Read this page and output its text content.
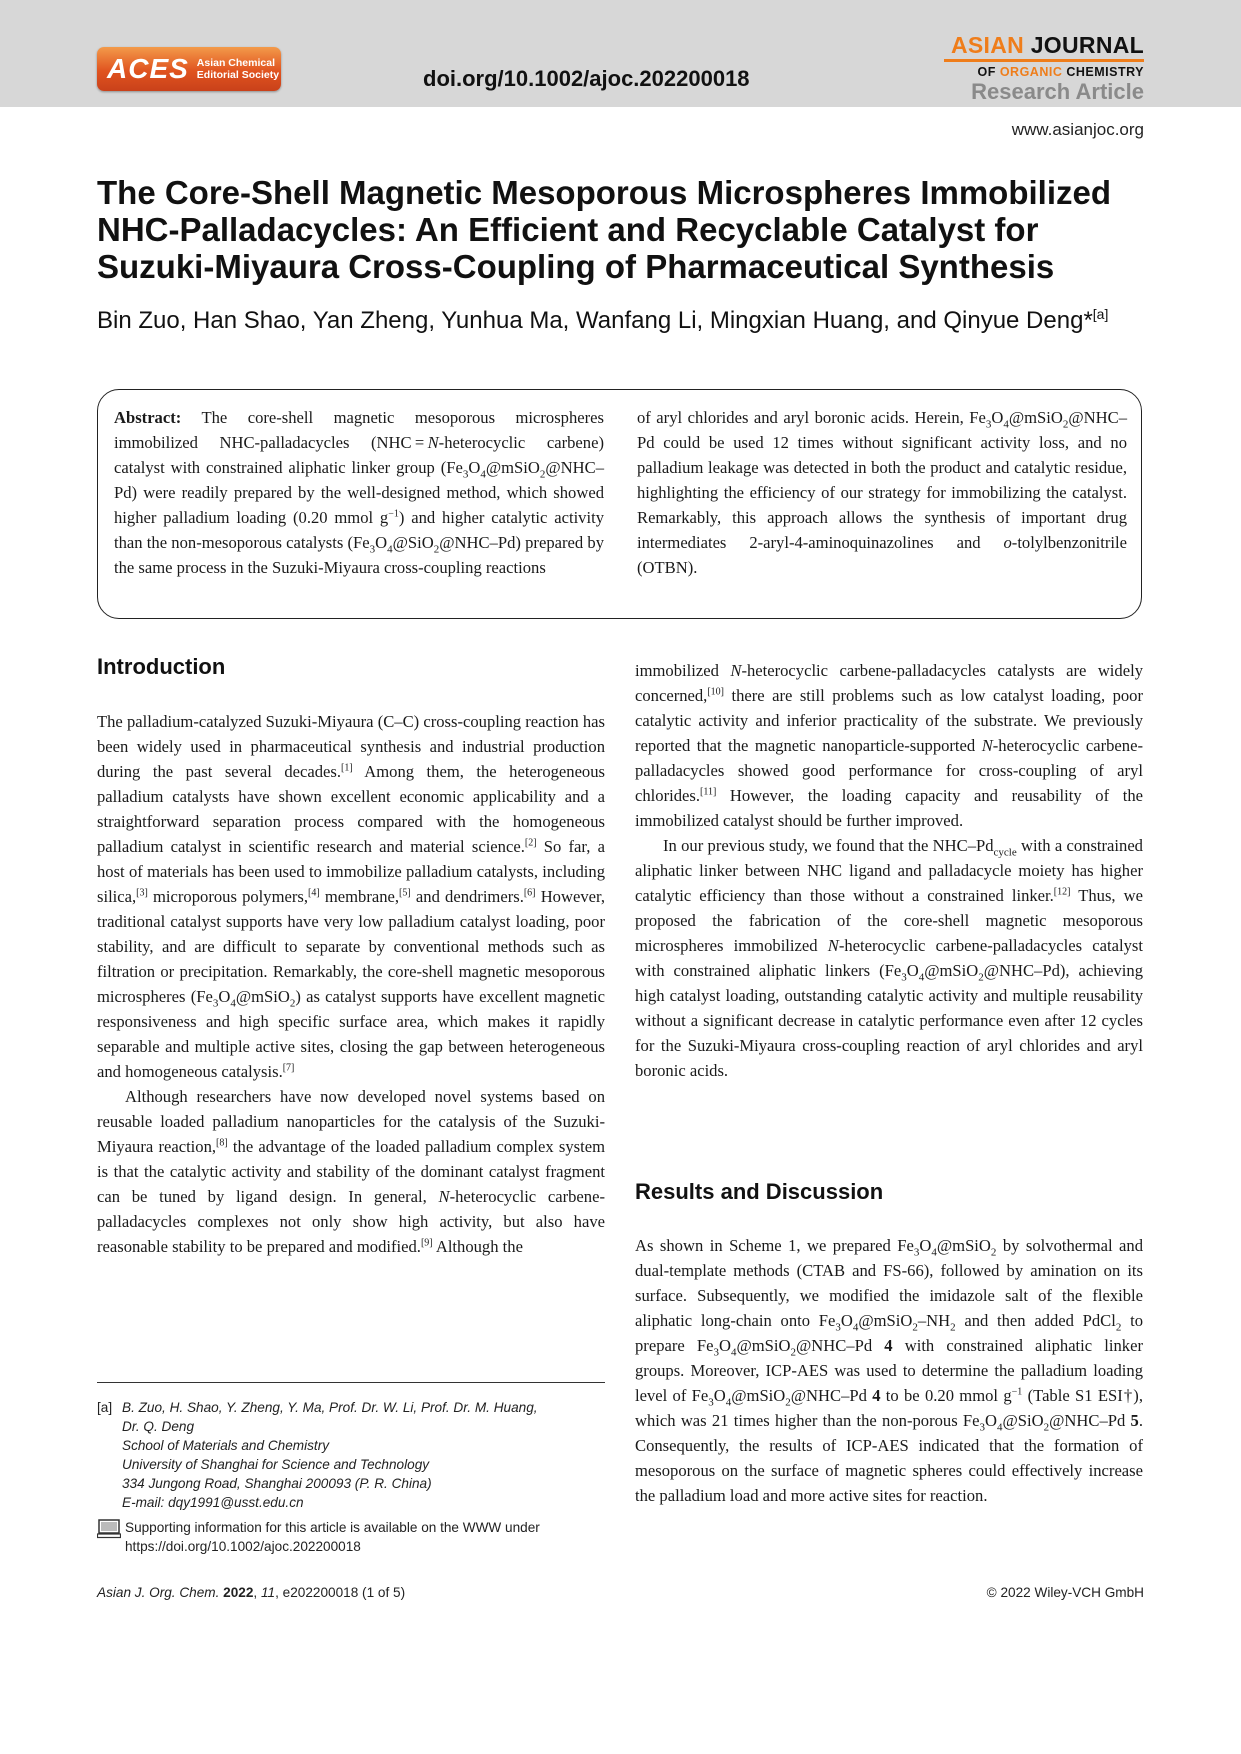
ACES Asian Chemical
Editorial Society	doi.org/10.1002/ajoc.202200018
ASIAN JOURNAL
OF ORGANIC CHEMISTRY
Research Article
www.asianjoc.org
The Core-Shell Magnetic Mesoporous Microspheres Immobilized NHC-Palladacycles: An Efficient and Recyclable Catalyst for Suzuki-Miyaura Cross-Coupling of Pharmaceutical Synthesis
Bin Zuo, Han Shao, Yan Zheng, Yunhua Ma, Wanfang Li, Mingxian Huang, and Qinyue Deng*[a]
Abstract: The core-shell magnetic mesoporous microspheres immobilized NHC-palladacycles (NHC = N-heterocyclic carbene) catalyst with constrained aliphatic linker group $(Fe_3O_4@mSiO_2@NHC-Pd)$ were readily prepared by the well-designed method, which showed higher palladium loading (0.20 mmol g$^{-1}$) and higher catalytic activity than the non-mesoporous catalysts $(Fe_3O_4@SiO_2@NHC-Pd)$ prepared by the same process in the Suzuki-Miyaura cross-coupling reactions
of aryl chlorides and aryl boronic acids. Herein, $Fe_3O_4@mSiO_2@NHC-Pd$ could be used 12 times without significant activity loss, and no palladium leakage was detected in both the product and catalytic residue, highlighting the efficiency of our strategy for immobilizing the catalyst. Remarkably, this approach allows the synthesis of important drug intermediates 2-aryl-4-aminoquinazolines and o-tolylbenzonitrile (OTBN).
Introduction

The palladium-catalyzed Suzuki-Miyaura (C–C) cross-coupling reaction has been widely used in pharmaceutical synthesis and industrial production during the past several decades.[1] Among them, the heterogeneous palladium catalysts have shown excellent economic applicability and a straightforward separation process compared with the homogeneous palladium catalyst in scientific research and material science.[2] So far, a host of materials has been used to immobilize palladium catalysts, including silica,[3] microporous polymers,[4] membrane,[5] and dendrimers.[6] However, traditional catalyst supports have very low palladium catalyst loading, poor stability, and are difficult to separate by conventional methods such as filtration or precipitation. Remarkably, the core-shell magnetic mesoporous microspheres $(Fe_3O_4@mSiO_2)$ as catalyst supports have excellent magnetic responsiveness and high specific surface area, which makes it rapidly separable and multiple active sites, closing the gap between heterogeneous and homogeneous catalysis.[7]

Although researchers have now developed novel systems based on reusable loaded palladium nanoparticles for the catalysis of the Suzuki-Miyaura reaction,[8] the advantage of the loaded palladium complex system is that the catalytic activity and stability of the dominant catalyst fragment can be tuned by ligand design. In general, N-heterocyclic carbene-palladacycles complexes not only show high activity, but also have reasonable stability to be prepared and modified.[9] Although the

immobilized N-heterocyclic carbene-palladacycles catalysts are widely concerned,[10] there are still problems such as low catalyst loading, poor catalytic activity and inferior practicality of the substrate. We previously reported that the magnetic nanoparticle-supported N-heterocyclic carbene-palladacycles showed good performance for cross-coupling of aryl chlorides.[11] However, the loading capacity and reusability of the immobilized catalyst should be further improved.

In our previous study, we found that the NHC–$Pd_{cycle}$ with a constrained aliphatic linker between NHC ligand and palladacycle moiety has higher catalytic efficiency than those without a constrained linker.[12] Thus, we proposed the fabrication of the core-shell magnetic mesoporous microspheres immobilized N-heterocyclic carbene-palladacycles catalyst with constrained aliphatic linkers $(Fe_3O_4@mSiO_2@NHC-Pd)$, achieving high catalyst loading, outstanding catalytic activity and multiple reusability without a significant decrease in catalytic performance even after 12 cycles for the Suzuki-Miyaura cross-coupling reaction of aryl chlorides and aryl boronic acids.

Results and Discussion

As shown in Scheme 1, we prepared $Fe_3O_4@mSiO_2$ by solvothermal and dual-template methods (CTAB and FS-66), followed by amination on its surface. Subsequently, we modified the imidazole salt of the flexible aliphatic long-chain onto $Fe_3O_4@mSiO_2-NH_2$ and then added PdCl$_2$ to prepare $Fe_3O_4@mSiO_2@NHC-Pd$ 4 with constrained aliphatic linker groups. Moreover, ICP-AES was used to determine the palladium loading level of $Fe_3O_4@mSiO_2@NHC-Pd$ 4 to be 0.20 mmol g$^{-1}$ (Table S1 ESI†), which was 21 times higher than the non-porous $Fe_3O_4@SiO_2@NHC-Pd$ 5. Consequently, the results of ICP-AES indicated that the formation of mesoporous on the surface of magnetic spheres could effectively increase the palladium load and more active sites for reaction.

[a] B. Zuo, H. Shao, Y. Zheng, Y. Ma, Prof. Dr. W. Li, Prof. Dr. M. Huang,
Dr. Q. Deng
School of Materials and Chemistry
University of Shanghai for Science and Technology
334 Jungong Road, Shanghai 200093 (P. R. China)
E-mail: dqy1991@usst.edu.cn
Supporting information for this article is available on the WWW under https://doi.org/10.1002/ajoc.202200018
Asian J. Org. Chem. 2022, 11, e202200018 (1 of 5)	© 2022 Wiley-VCH GmbH
